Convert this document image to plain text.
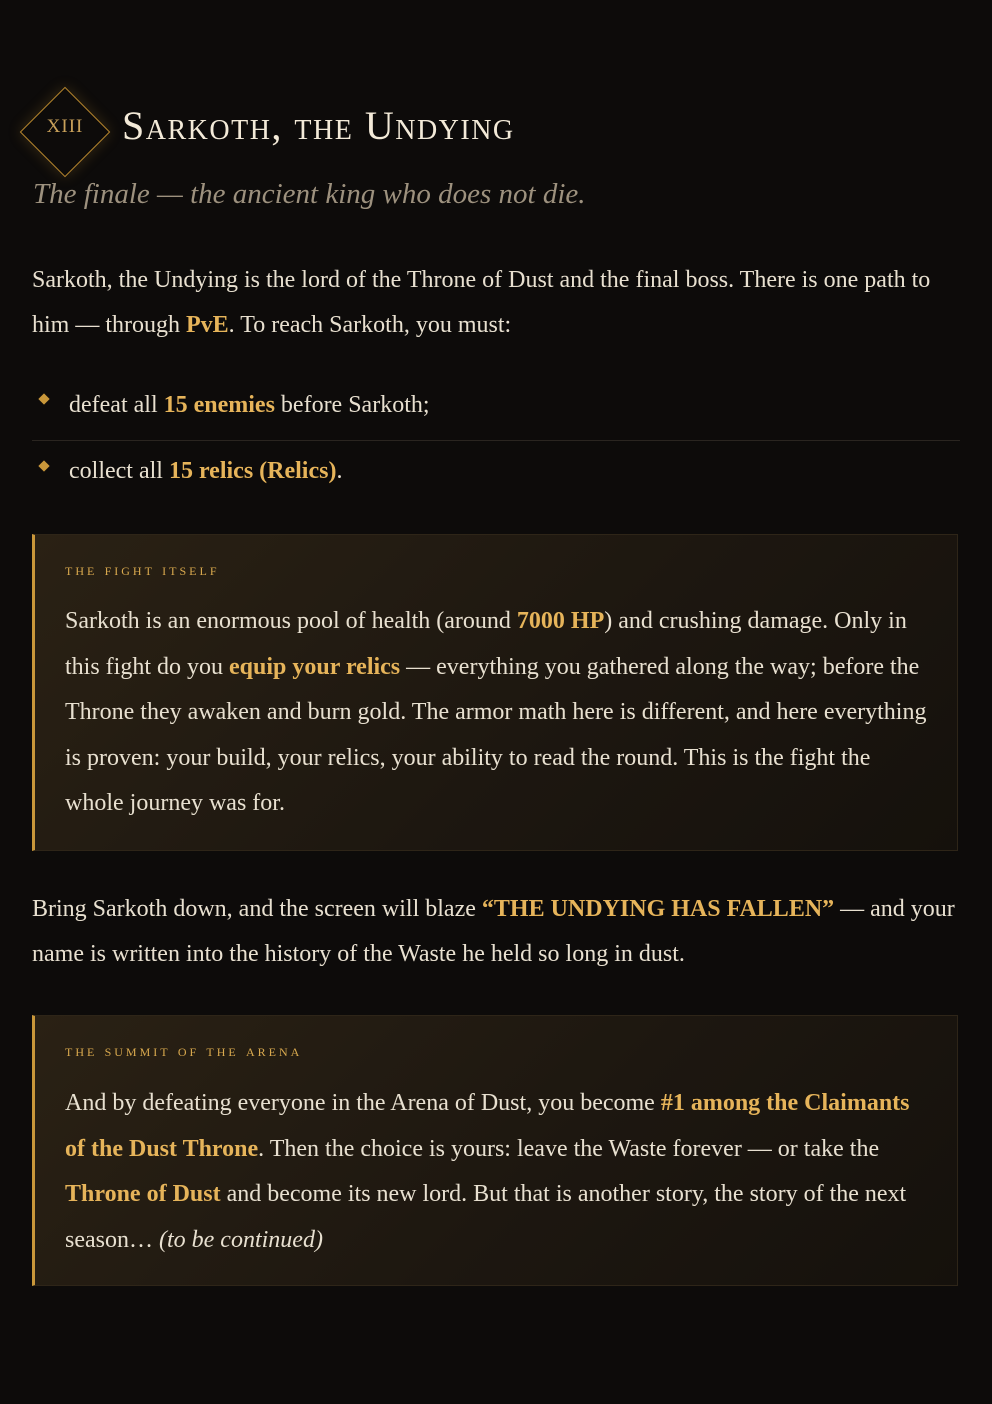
XIII Sarkoth, the Undying

The finale — the ancient king who does not die.

Sarkoth, the Undying is the lord of the Throne of Dust and the final boss. There is one path to him — through PvE. To reach Sarkoth, you must:

defeat all 15 enemies before Sarkoth;
collect all 15 relics (Relics).

the fight itself

Sarkoth is an enormous pool of health (around 7000 HP) and crushing damage. Only in this fight do you equip your relics — everything you gathered along the way; before the Throne they awaken and burn gold. The armor math here is different, and here everything is proven: your build, your relics, your ability to read the round. This is the fight the whole journey was for.

Bring Sarkoth down, and the screen will blaze “THE UNDYING HAS FALLEN” — and your name is written into the history of the Waste he held so long in dust.

the summit of the arena

And by defeating everyone in the Arena of Dust, you become #1 among the Claimants of the Dust Throne. Then the choice is yours: leave the Waste forever — or take the Throne of Dust and become its new lord. But that is another story, the story of the next season… (to be continued)
